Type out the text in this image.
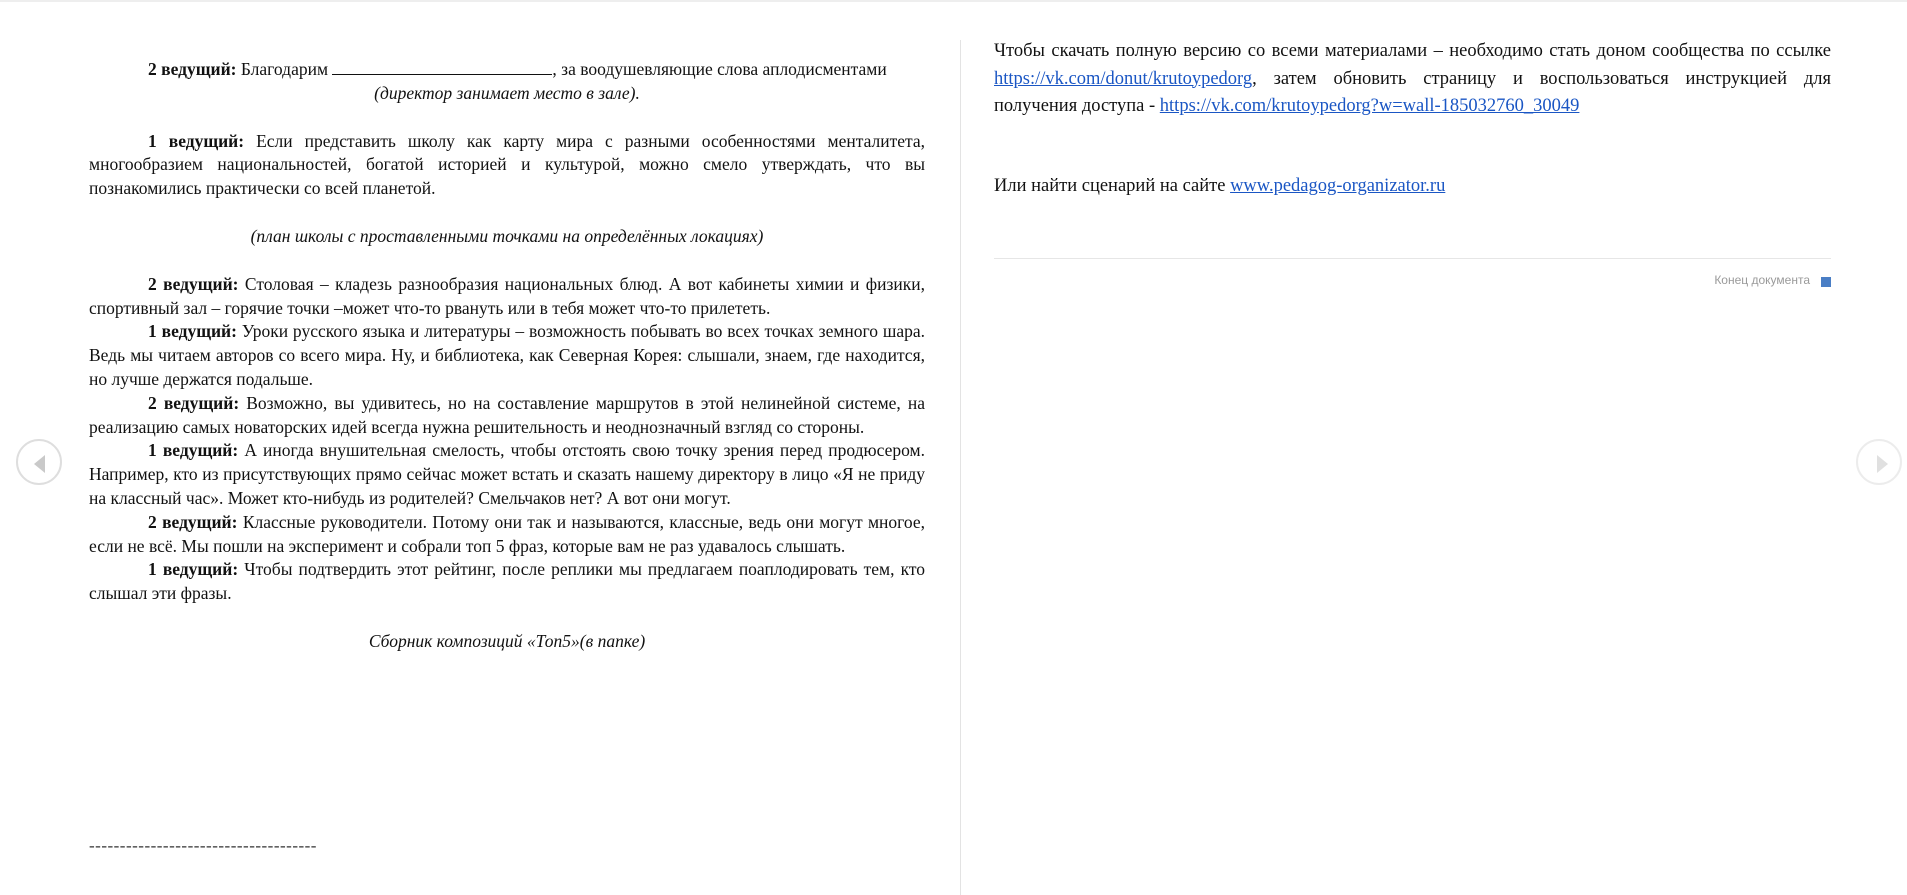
2 ведущий: Благодарим	, за воодушевляющие слова аплодисментами

(директор занимает место в зале).

1 ведущий: Если представить школу как карту мира с разными особенностями менталитета, многообразием национальностей, богатой историей и культурой, можно смело утверждать, что вы познакомились практически со всей планетой.

(план школы с проставленными точками на определённых локациях)

2 ведущий: Столовая – кладезь разнообразия национальных блюд. А вот кабинеты химии и физики, спортивный зал – горячие точки –может что-то рвануть или в тебя может что-то прилететь.

1 ведущий: Уроки русского языка и литературы – возможность побывать во всех точках земного шара. Ведь мы читаем авторов со всего мира. Ну, и библиотека, как Северная Корея: слышали, знаем, где находится, но лучше держатся подальше.

2 ведущий: Возможно, вы удивитесь, но на составление маршрутов в этой нелинейной системе, на реализацию самых новаторских идей всегда нужна решительность и неоднозначный взгляд со стороны.

1 ведущий: А иногда внушительная смелость, чтобы отстоять свою точку зрения перед продюсером. Например, кто из присутствующих прямо сейчас может встать и сказать нашему директору в лицо «Я не приду на классный час». Может кто-нибудь из родителей? Смельчаков нет? А вот они могут.

2 ведущий: Классные руководители. Потому они так и называются, классные, ведь они могут многое, если не всё. Мы пошли на эксперимент и собрали топ 5 фраз, которые вам не раз удавалось слышать.

1 ведущий: Чтобы подтвердить этот рейтинг, после реплики мы предлагаем поаплодировать тем, кто слышал эти фразы.

Сборник композиций «Топ5»(в папке)

-------------------------------------

Чтобы скачать полную версию со всеми материалами – необходимо стать доном сообщества по ссылке https://vk.com/donut/krutoypedorg, затем обновить страницу и воспользоваться инструкцией для получения доступа - https://vk.com/krutoypedorg?w=wall-185032760_30049

Или найти сценарий на сайте www.pedagog-organizator.ru

Конец документа
